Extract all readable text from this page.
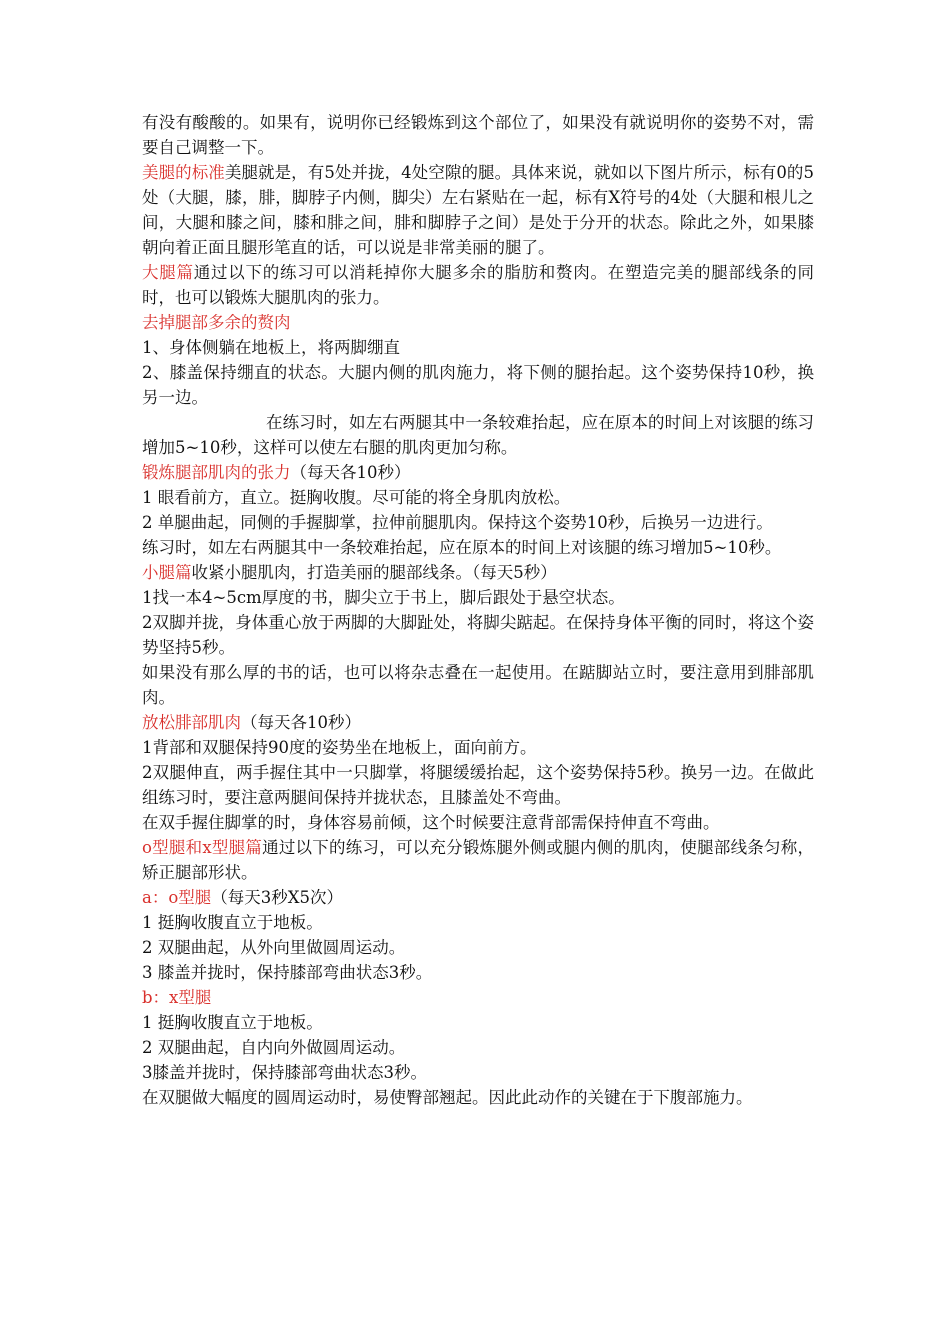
有没有酸酸的。如果有，说明你已经锻炼到这个部位了，如果没有就说明你的姿势不对，需要自己调整一下。

美腿的标准美腿就是，有5处并拢，4处空隙的腿。具体来说，就如以下图片所示，标有0的5处（大腿，膝，腓，脚脖子内侧，脚尖）左右紧贴在一起，标有X符号的4处（大腿和根儿之间，大腿和膝之间，膝和腓之间，腓和脚脖子之间）是处于分开的状态。除此之外，如果膝朝向着正面且腿形笔直的话，可以说是非常美丽的腿了。

大腿篇通过以下的练习可以消耗掉你大腿多余的脂肪和赘肉。在塑造完美的腿部线条的同时，也可以锻炼大腿肌肉的张力。

去掉腿部多余的赘肉

1、身体侧躺在地板上，将两脚绷直

2、膝盖保持绷直的状态。大腿内侧的肌肉施力，将下侧的腿抬起。这个姿势保持10秒，换另一边。

在练习时，如左右两腿其中一条较难抬起，应在原本的时间上对该腿的练习增加5~10秒，这样可以使左右腿的肌肉更加匀称。

锻炼腿部肌肉的张力（每天各10秒）

1 眼看前方，直立。挺胸收腹。尽可能的将全身肌肉放松。

2 单腿曲起，同侧的手握脚掌，拉伸前腿肌肉。保持这个姿势10秒，后换另一边进行。

练习时，如左右两腿其中一条较难抬起，应在原本的时间上对该腿的练习增加5~10秒。

小腿篇收紧小腿肌肉，打造美丽的腿部线条。（每天5秒）

1找一本4~5cm厚度的书，脚尖立于书上，脚后跟处于悬空状态。

2双脚并拢，身体重心放于两脚的大脚趾处，将脚尖踮起。在保持身体平衡的同时，将这个姿势坚持5秒。

如果没有那么厚的书的话，也可以将杂志叠在一起使用。在踮脚站立时，要注意用到腓部肌肉。

放松腓部肌肉（每天各10秒）

1背部和双腿保持90度的姿势坐在地板上，面向前方。

2双腿伸直，两手握住其中一只脚掌，将腿缓缓抬起，这个姿势保持5秒。换另一边。在做此组练习时，要注意两腿间保持并拢状态，且膝盖处不弯曲。

在双手握住脚掌的时，身体容易前倾，这个时候要注意背部需保持伸直不弯曲。

o型腿和x型腿篇通过以下的练习，可以充分锻炼腿外侧或腿内侧的肌肉，使腿部线条匀称，矫正腿部形状。

a：o型腿（每天3秒X5次）

1 挺胸收腹直立于地板。

2 双腿曲起，从外向里做圆周运动。

3 膝盖并拢时，保持膝部弯曲状态3秒。

b：x型腿

1 挺胸收腹直立于地板。

2 双腿曲起，自内向外做圆周运动。

3膝盖并拢时，保持膝部弯曲状态3秒。

在双腿做大幅度的圆周运动时，易使臀部翘起。因此此动作的关键在于下腹部施力。
